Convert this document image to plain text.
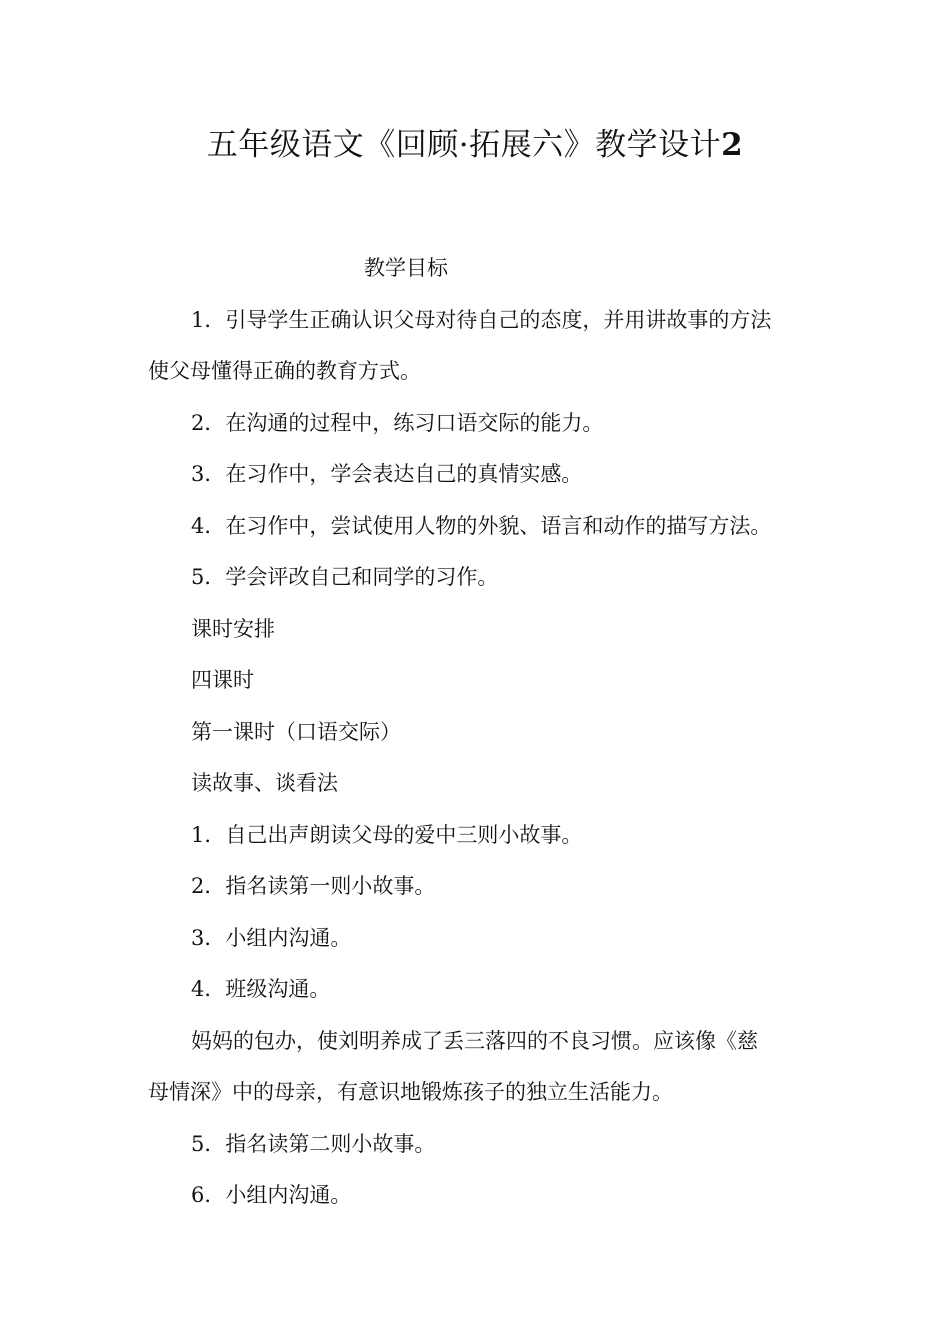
五年级语文《回顾·拓展六》教学设计2

教学目标

1．引导学生正确认识父母对待自己的态度，并用讲故事的方法

使父母懂得正确的教育方式。

2．在沟通的过程中，练习口语交际的能力。

3．在习作中，学会表达自己的真情实感。

4．在习作中，尝试使用人物的外貌、语言和动作的描写方法。

5．学会评改自己和同学的习作。

课时安排

四课时

第一课时（口语交际）

读故事、谈看法

1．自己出声朗读父母的爱中三则小故事。

2．指名读第一则小故事。

3．小组内沟通。

4．班级沟通。

妈妈的包办，使刘明养成了丢三落四的不良习惯。应该像《慈

母情深》中的母亲，有意识地锻炼孩子的独立生活能力。

5．指名读第二则小故事。

6．小组内沟通。
